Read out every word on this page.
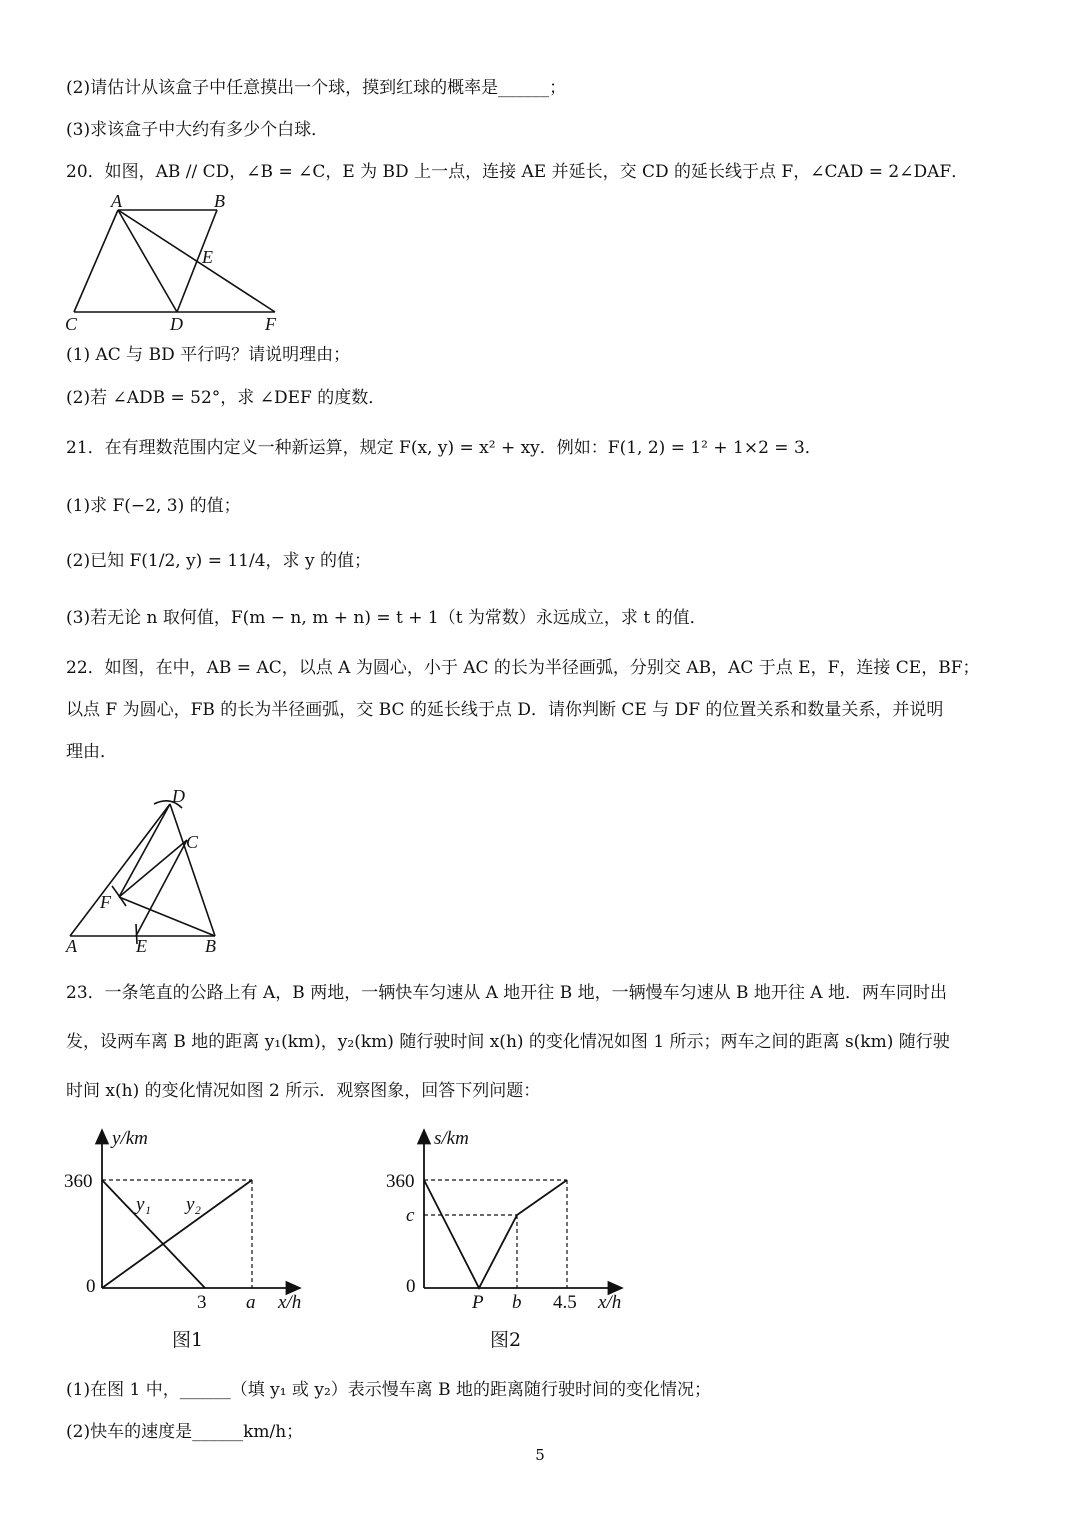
(2)请估计从该盒子中任意摸出一个球，摸到红球的概率是______；
(3)求该盒子中大约有多少个白球．
20．如图，AB // CD，∠B = ∠C，E 为 BD 上一点，连接 AE 并延长，交 CD 的延长线于点 F，∠CAD = 2∠DAF．
A	B
C	D
E
F
(1) AC 与 BD 平行吗？请说明理由；
(2)若 ∠ADB = 52°，求 ∠DEF 的度数．
21．在有理数范围内定义一种新运算，规定 F(x, y) = x² + xy．例如：F(1, 2) = 1² + 1×2 = 3．
(1)求 F(−2, 3) 的值；
(2)已知 F(1/2, y) = 11/4，求 y 的值；
(3)若无论 n 取何值，F(m − n, m + n) = t + 1（t 为常数）永远成立，求 t 的值．
22．如图，在中，AB = AC，以点 A 为圆心，小于 AC 的长为半径画弧，分别交 AB，AC 于点 E，F，连接 CE，BF；
以点 F 为圆心，FB 的长为半径画弧，交 BC 的延长线于点 D．请你判断 CE 与 DF 的位置关系和数量关系，并说明
理由．
D
C
F
A	E	B
23．一条笔直的公路上有 A，B 两地，一辆快车匀速从 A 地开往 B 地，一辆慢车匀速从 B 地开往 A 地．两车同时出
发，设两车离 B 地的距离 y₁(km)，y₂(km) 随行驶时间 x(h) 的变化情况如图 1 所示；两车之间的距离 s(km) 随行驶
时间 x(h) 的变化情况如图 2 所示．观察图象，回答下列问题：
y/km
360
0
3 a x/h
y₁ y₂
图1
s/km
360
c
0
P b 4.5 x/h
图2
(1)在图 1 中，______（填 y₁ 或 y₂）表示慢车离 B 地的距离随行驶时间的变化情况；
(2)快车的速度是______km/h；
5
